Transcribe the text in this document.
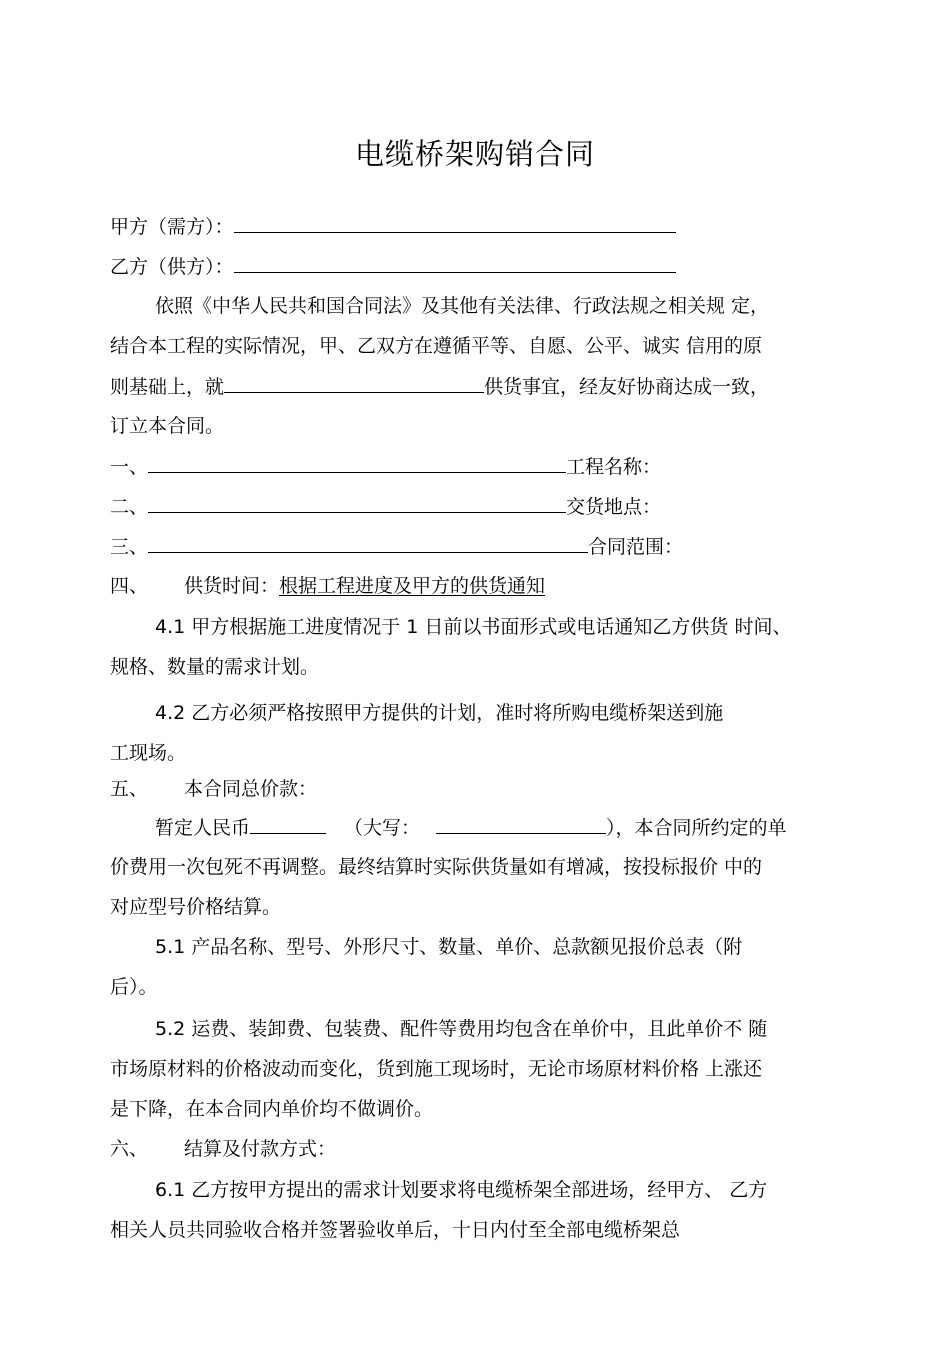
电缆桥架购销合同
甲方（需方）：
乙方（供方）：
依照《中华人民共和国合同法》及其他有关法律、行政法规之相关规 定，
结合本工程的实际情况，甲、乙双方在遵循平等、自愿、公平、诚实 信用的原
则基础上，就	供货事宜，经友好协商达成一致，
订立本合同。
一、	工程名称：
二、	交货地点：
三、	合同范围：
四、 供货时间：根据工程进度及甲方的供货通知
4.1 甲方根据施工进度情况于 1 日前以书面形式或电话通知乙方供货 时间、
规格、数量的需求计划。
4.2 乙方必须严格按照甲方提供的计划，准时将所购电缆桥架送到施
工现场。
五、 本合同总价款：
暂定人民币	（大写：	），本合同所约定的单
价费用一次包死不再调整。最终结算时实际供货量如有增减，按投标报价 中的
对应型号价格结算。
5.1 产品名称、型号、外形尺寸、数量、单价、总款额见报价总表（附
后）。
5.2 运费、装卸费、包装费、配件等费用均包含在单价中，且此单价不 随
市场原材料的价格波动而变化，货到施工现场时，无论市场原材料价格 上涨还
是下降，在本合同内单价均不做调价。
六、 结算及付款方式：
6.1 乙方按甲方提出的需求计划要求将电缆桥架全部进场，经甲方、 乙方
相关人员共同验收合格并签署验收单后，十日内付至全部电缆桥架总
